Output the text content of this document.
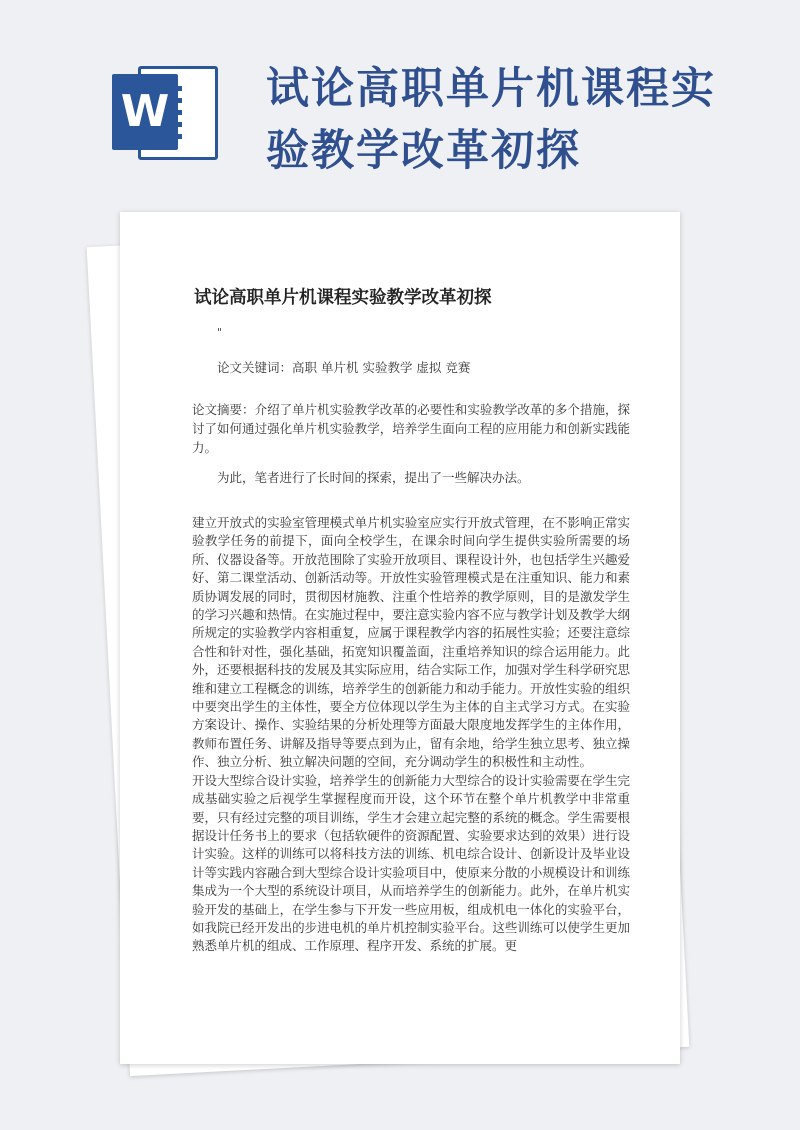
W 试论高职单片机课程实验教学改革初探
试论高职单片机课程实验教学改革初探
"
论文关键词：高职 单片机 实验教学 虚拟 竞赛
论文摘要：介绍了单片机实验教学改革的必要性和实验教学改革的多个措施，探讨了如何通过强化单片机实验教学，培养学生面向工程的应用能力和创新实践能力。
为此，笔者进行了长时间的探索，提出了一些解决办法。

建立开放式的实验室管理模式单片机实验室应实行开放式管理，在不影响正常实验教学任务的前提下，面向全校学生，在课余时间向学生提供实验所需要的场所、仪器设备等。开放范围除了实验开放项目、课程设计外，也包括学生兴趣爱好、第二课堂活动、创新活动等。开放性实验管理模式是在注重知识、能力和素质协调发展的同时，贯彻因材施教、注重个性培养的教学原则，目的是激发学生的学习兴趣和热情。在实施过程中，要注意实验内容不应与教学计划及教学大纲所规定的实验教学内容相重复，应属于课程教学内容的拓展性实验；还要注意综合性和针对性，强化基础，拓宽知识覆盖面，注重培养知识的综合运用能力。此外，还要根据科技的发展及其实际应用，结合实际工作，加强对学生科学研究思维和建立工程概念的训练，培养学生的创新能力和动手能力。开放性实验的组织中要突出学生的主体性，要全方位体现以学生为主体的自主式学习方式。在实验方案设计、操作、实验结果的分析处理等方面最大限度地发挥学生的主体作用，教师布置任务、讲解及指导等要点到为止，留有余地，给学生独立思考、独立操作、独立分析、独立解决问题的空间，充分调动学生的积极性和主动性。

开设大型综合设计实验，培养学生的创新能力大型综合的设计实验需要在学生完成基础实验之后视学生掌握程度而开设，这个环节在整个单片机教学中非常重要，只有经过完整的项目训练，学生才会建立起完整的系统的概念。学生需要根据设计任务书上的要求（包括软硬件的资源配置、实验要求达到的效果）进行设计实验。这样的训练可以将科技方法的训练、机电综合设计、创新设计及毕业设计等实践内容融合到大型综合设计实验项目中，使原来分散的小规模设计和训练集成为一个大型的系统设计项目，从而培养学生的创新能力。此外，在单片机实验开发的基础上，在学生参与下开发一些应用板，组成机电一体化的实验平台，如我院已经开发出的步进电机的单片机控制实验平台。这些训练可以使学生更加熟悉单片机的组成、工作原理、程序开发、系统的扩展。更
